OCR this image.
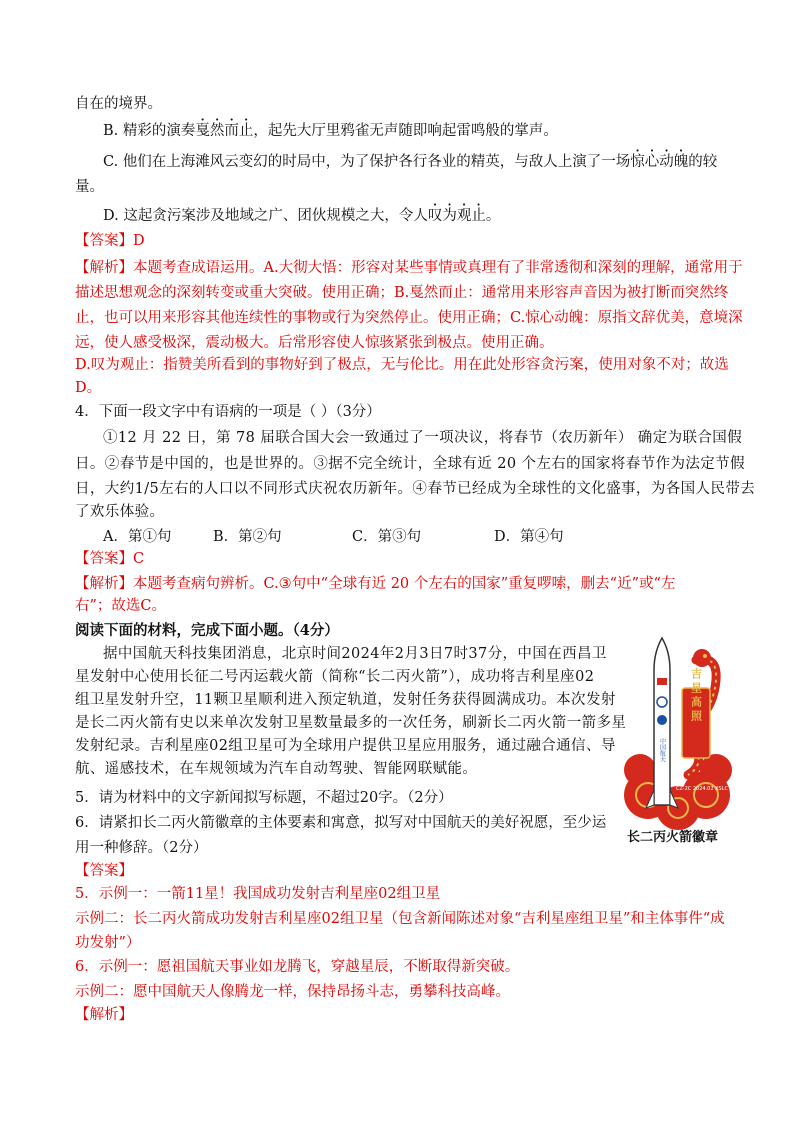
自在的境界。
B. 精彩的演奏戛然而止，起先大厅里鸦雀无声随即响起雷鸣般的掌声。
C. 他们在上海滩风云变幻的时局中，为了保护各行各业的精英，与敌人上演了一场惊心动魄的较
量。
D. 这起贪污案涉及地域之广、团伙规模之大，令人叹为观止。
【答案】D
【解析】本题考查成语运用。A.大彻大悟：形容对某些事情或真理有了非常透彻和深刻的理解，通常用于
描述思想观念的深刻转变或重大突破。使用正确；B.戛然而止：通常用来形容声音因为被打断而突然终
止，也可以用来形容其他连续性的事物或行为突然停止。使用正确；C.惊心动魄：原指文辞优美，意境深
远，使人感受极深，震动极大。后常形容使人惊骇紧张到极点。使用正确。
D.叹为观止：指赞美所看到的事物好到了极点，无与伦比。用在此处形容贪污案，使用对象不对；故选
D。
4．下面一段文字中有语病的一项是（ ）（3分）
①12 月 22 日，第 78 届联合国大会一致通过了一项决议，将春节（农历新年） 确定为联合国假
日。②春节是中国的，也是世界的。③据不完全统计，全球有近 20 个左右的国家将春节作为法定节假
日，大约1/5左右的人口以不同形式庆祝农历新年。④春节已经成为全球性的文化盛事，为各国人民带去
了欢乐体验。
A．第①句	B．第②句	C．第③句	D．第④句
【答案】C
【解析】本题考查病句辨析。C.③句中“全球有近 20 个左右的国家”重复啰嗦，删去“近”或“左
右”；故选C。
阅读下面的材料，完成下面小题。（4分）
据中国航天科技集团消息，北京时间2024年2月3日7时37分，中国在西昌卫
星发射中心使用长征二号丙运载火箭（简称“长二丙火箭”），成功将吉利星座02
组卫星发射升空，11颗卫星顺利进入预定轨道，发射任务获得圆满成功。本次发射
是长二丙火箭有史以来单次发射卫星数量最多的一次任务，刷新长二丙火箭一箭多星
发射纪录。吉利星座02组卫星可为全球用户提供卫星应用服务，通过融合通信、导
航、遥感技术，在车规领域为汽车自动驾驶、智能网联赋能。
5．请为材料中的文字新闻拟写标题，不超过20字。（2分）
6．请紧扣长二丙火箭徽章的主体要素和寓意，拟写对中国航天的美好祝愿，至少运
用一种修辞。（2分）
【答案】
5．示例一：一箭11星！我国成功发射吉利星座02组卫星
示例二：长二丙火箭成功发射吉利星座02组卫星（包含新闻陈述对象“吉利星座组卫星”和主体事件“成
功发射”）
6．示例一：愿祖国航天事业如龙腾飞，穿越星辰，不断取得新突破。
示例二：愿中国航天人像腾龙一样，保持昂扬斗志，勇攀科技高峰。
【解析】
中国航天
吉星高照
CZ-2C 2024.02 XSLC
长二丙火箭徽章
